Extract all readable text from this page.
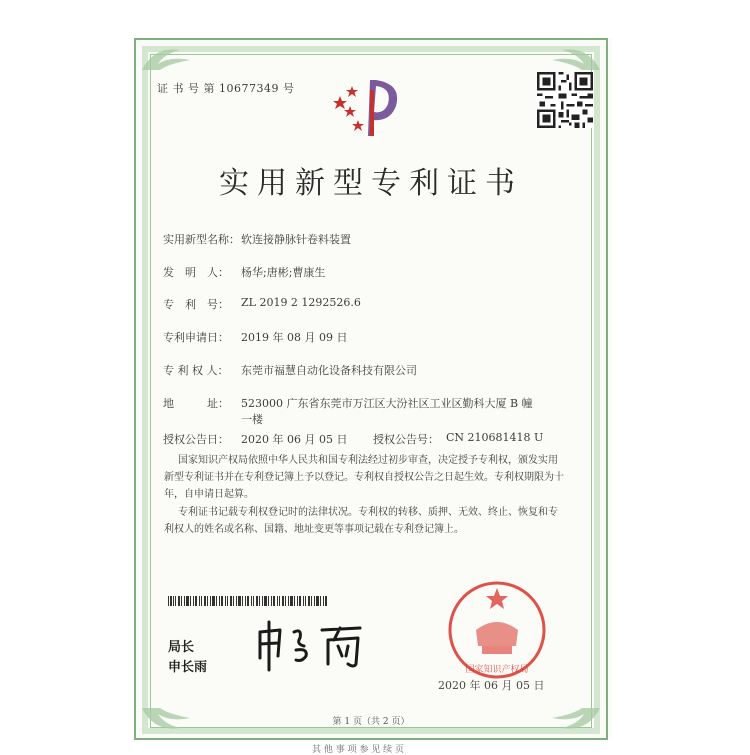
证 书 号 第 10677349 号
实用新型专利证书
实用新型名称： 软连接静脉针卷料装置
发　明　人： 杨华;唐彬;曹康生
专　利　号： ZL 2019 2 1292526.6
专利申请日： 2019 年 08 月 09 日
专 利 权 人： 东莞市福慧自动化设备科技有限公司
地　　　址： 523000 广东省东莞市万江区大汾社区工业区勤科大厦 B 幢
一楼
授权公告日： 2020 年 06 月 05 日 授权公告号： CN 210681418 U
国家知识产权局依照中华人民共和国专利法经过初步审查，决定授予专利权，颁发实用
新型专利证书并在专利登记簿上予以登记。专利权自授权公告之日起生效。专利权期限为十
年，自申请日起算。
专利证书记载专利权登记时的法律状况。专利权的转移、质押、无效、终止、恢复和专
利权人的姓名或名称、国籍、地址变更等事项记载在专利登记簿上。
局长
申长雨	国家知识产权局
2020 年 06 月 05 日
第 1 页（共 2 页）
其 他 事 项 参 见 续 页
